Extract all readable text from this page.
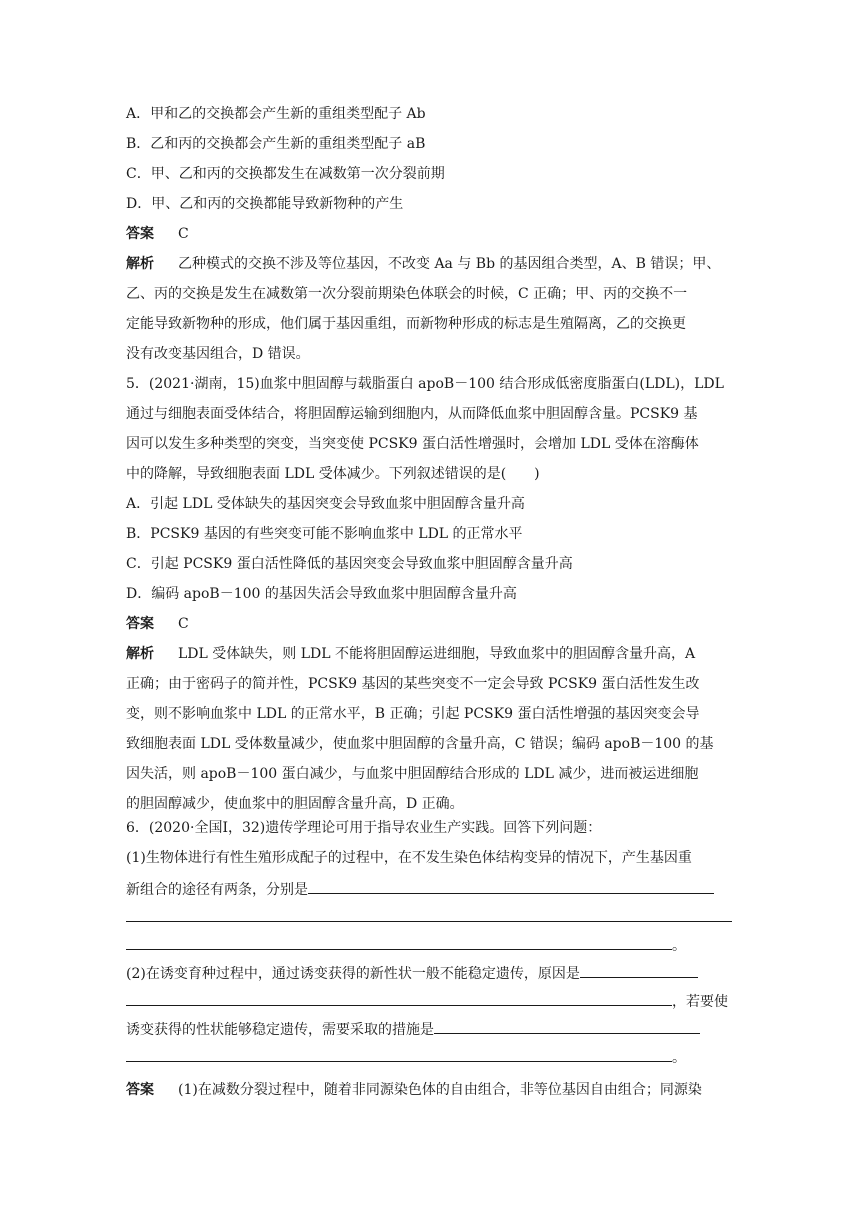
A．甲和乙的交换都会产生新的重组类型配子 Ab
B．乙和丙的交换都会产生新的重组类型配子 aB
C．甲、乙和丙的交换都发生在减数第一次分裂前期
D．甲、乙和丙的交换都能导致新物种的产生
答案 C
解析 乙种模式的交换不涉及等位基因，不改变 Aa 与 Bb 的基因组合类型，A、B 错误；甲、
乙、丙的交换是发生在减数第一次分裂前期染色体联会的时候，C 正确；甲、丙的交换不一
定能导致新物种的形成，他们属于基因重组，而新物种形成的标志是生殖隔离，乙的交换更
没有改变基因组合，D 错误。
5．(2021·湖南，15)血浆中胆固醇与载脂蛋白 apoB－100 结合形成低密度脂蛋白(LDL)，LDL
通过与细胞表面受体结合，将胆固醇运输到细胞内，从而降低血浆中胆固醇含量。PCSK9 基
因可以发生多种类型的突变，当突变使 PCSK9 蛋白活性增强时，会增加 LDL 受体在溶酶体
中的降解，导致细胞表面 LDL 受体减少。下列叙述错误的是(　　)
A．引起 LDL 受体缺失的基因突变会导致血浆中胆固醇含量升高
B．PCSK9 基因的有些突变可能不影响血浆中 LDL 的正常水平
C．引起 PCSK9 蛋白活性降低的基因突变会导致血浆中胆固醇含量升高
D．编码 apoB－100 的基因失活会导致血浆中胆固醇含量升高
答案 C
解析 LDL 受体缺失，则 LDL 不能将胆固醇运进细胞，导致血浆中的胆固醇含量升高，A
正确；由于密码子的简并性，PCSK9 基因的某些突变不一定会导致 PCSK9 蛋白活性发生改
变，则不影响血浆中 LDL 的正常水平，B 正确；引起 PCSK9 蛋白活性增强的基因突变会导
致细胞表面 LDL 受体数量减少，使血浆中胆固醇的含量升高，C 错误；编码 apoB－100 的基
因失活，则 apoB－100 蛋白减少，与血浆中胆固醇结合形成的 LDL 减少，进而被运进细胞
的胆固醇减少，使血浆中的胆固醇含量升高，D 正确。
6．(2020·全国Ⅰ，32)遗传学理论可用于指导农业生产实践。回答下列问题：
(1)生物体进行有性生殖形成配子的过程中，在不发生染色体结构变异的情况下，产生基因重
新组合的途径有两条，分别是
。
(2)在诱变育种过程中，通过诱变获得的新性状一般不能稳定遗传，原因是
，若要使
诱变获得的性状能够稳定遗传，需要采取的措施是
。
答案 (1)在减数分裂过程中，随着非同源染色体的自由组合，非等位基因自由组合；同源染
